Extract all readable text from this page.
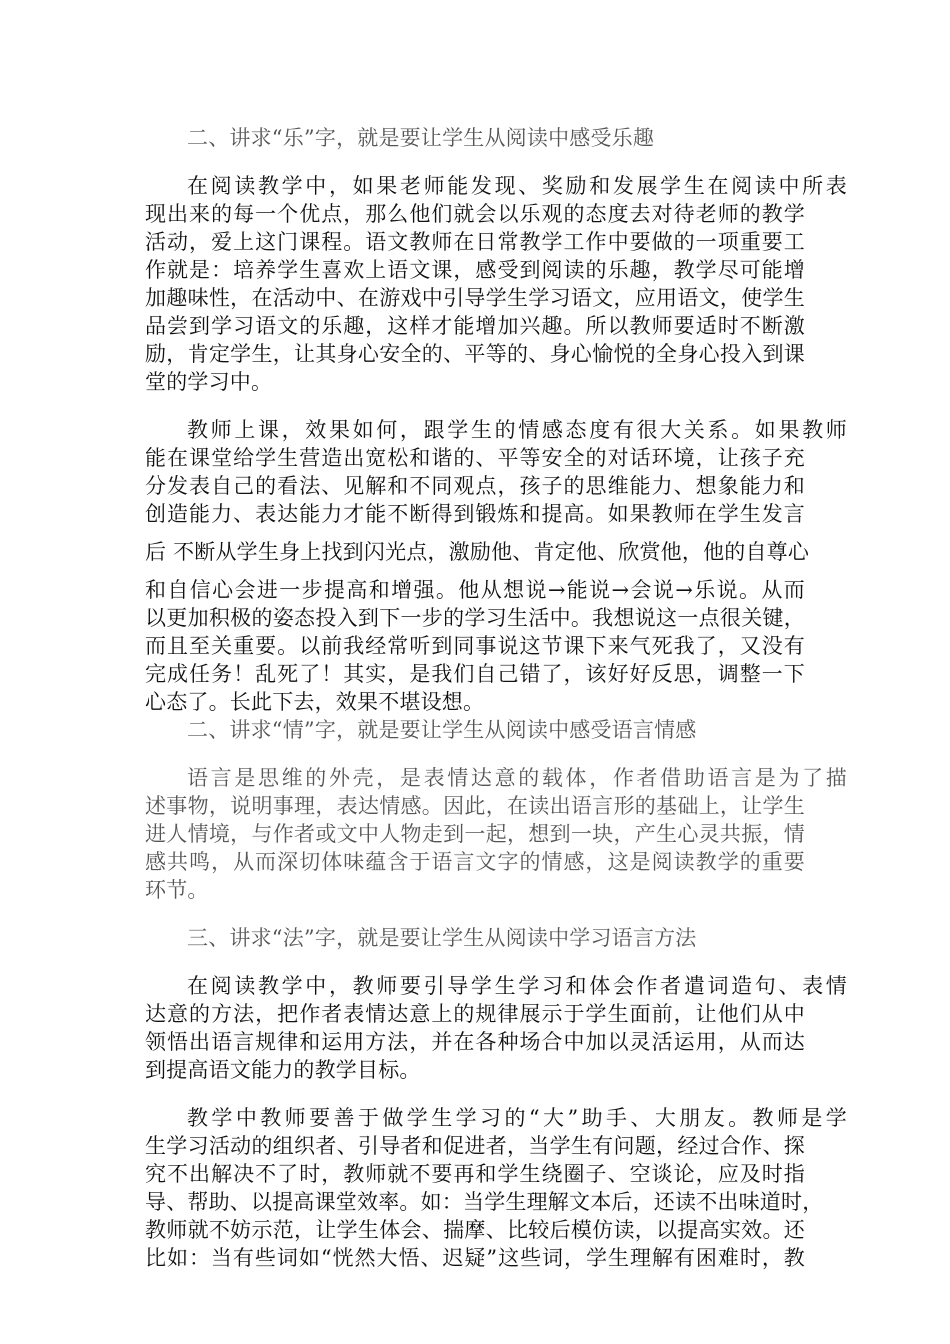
二、讲求“乐”字，就是要让学生从阅读中感受乐趣
在阅读教学中，如果老师能发现、奖励和发展学生在阅读中所表
现出来的每一个优点，那么他们就会以乐观的态度去对待老师的教学
活动，爱上这门课程。语文教师在日常教学工作中要做的一项重要工
作就是：培养学生喜欢上语文课，感受到阅读的乐趣，教学尽可能增
加趣味性，在活动中、在游戏中引导学生学习语文，应用语文，使学生
品尝到学习语文的乐趣，这样才能增加兴趣。所以教师要适时不断激
励，肯定学生，让其身心安全的、平等的、身心愉悦的全身心投入到课
堂的学习中。
教师上课，效果如何，跟学生的情感态度有很大关系。如果教师
能在课堂给学生营造出宽松和谐的、平等安全的对话环境，让孩子充
分发表自己的看法、见解和不同观点，孩子的思维能力、想象能力和
创造能力、表达能力才能不断得到锻炼和提高。如果教师在学生发言
后 不断从学生身上找到闪光点，激励他、肯定他、欣赏他，他的自尊心
和自信心会进一步提高和增强。他从想说→能说→会说→乐说。从而
以更加积极的姿态投入到下一步的学习生活中。我想说这一点很关键，
而且至关重要。以前我经常听到同事说这节课下来气死我了，又没有
完成任务！乱死了！其实，是我们自己错了，该好好反思，调整一下
心态了。长此下去，效果不堪设想。
二、讲求“情”字，就是要让学生从阅读中感受语言情感
语言是思维的外壳，是表情达意的载体，作者借助语言是为了描
述事物，说明事理，表达情感。因此，在读出语言形的基础上，让学生
进人情境，与作者或文中人物走到一起，想到一块，产生心灵共振，情
感共鸣，从而深切体味蕴含于语言文字的情感，这是阅读教学的重要
环节。
三、讲求“法”字，就是要让学生从阅读中学习语言方法
在阅读教学中，教师要引导学生学习和体会作者遣词造句、表情
达意的方法，把作者表情达意上的规律展示于学生面前，让他们从中
领悟出语言规律和运用方法，并在各种场合中加以灵活运用，从而达
到提高语文能力的教学目标。
教学中教师要善于做学生学习的“大”助手、大朋友。教师是学
生学习活动的组织者、引导者和促进者，当学生有问题，经过合作、探
究不出解决不了时，教师就不要再和学生绕圈子、空谈论，应及时指
导、帮助、以提高课堂效率。如：当学生理解文本后，还读不出味道时，
教师就不妨示范，让学生体会、揣摩、比较后模仿读，以提高实效。还
比如：当有些词如“恍然大悟、迟疑”这些词，学生理解有困难时，教
